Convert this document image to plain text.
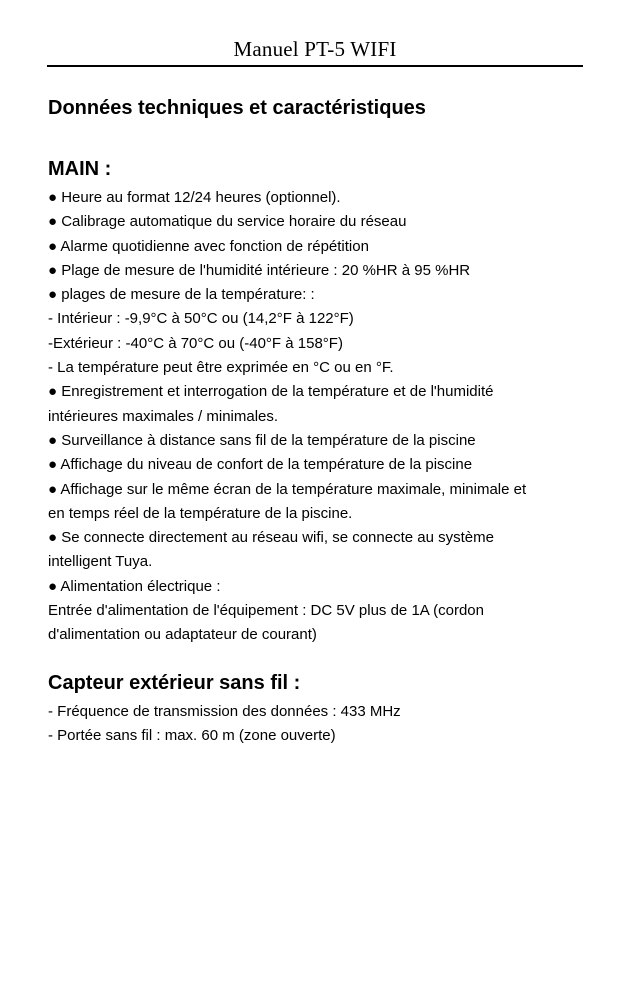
Manuel PT-5 WIFI
Données techniques et caractéristiques
MAIN :
● Heure au format 12/24 heures (optionnel).
● Calibrage automatique du service horaire du réseau
● Alarme quotidienne avec fonction de répétition
● Plage de mesure de l'humidité intérieure : 20 %HR à 95 %HR
● plages de mesure de la température: :
- Intérieur : -9,9°C à 50°C ou (14,2°F à 122°F)
-Extérieur : -40°C à 70°C ou (-40°F à 158°F)
- La température peut être exprimée en °C ou en °F.
● Enregistrement et interrogation de la température et de l'humidité
intérieures maximales / minimales.
● Surveillance à distance sans fil de la température de la piscine
● Affichage du niveau de confort de la température de la piscine
● Affichage sur le même écran de la température maximale, minimale et
en temps réel de la température de la piscine.
● Se connecte directement au réseau wifi, se connecte au système
intelligent Tuya.
● Alimentation électrique :
Entrée d'alimentation de l'équipement : DC 5V plus de 1A (cordon
d'alimentation ou adaptateur de courant)
Capteur extérieur sans fil :
- Fréquence de transmission des données : 433 MHz
- Portée sans fil : max. 60 m (zone ouverte)
